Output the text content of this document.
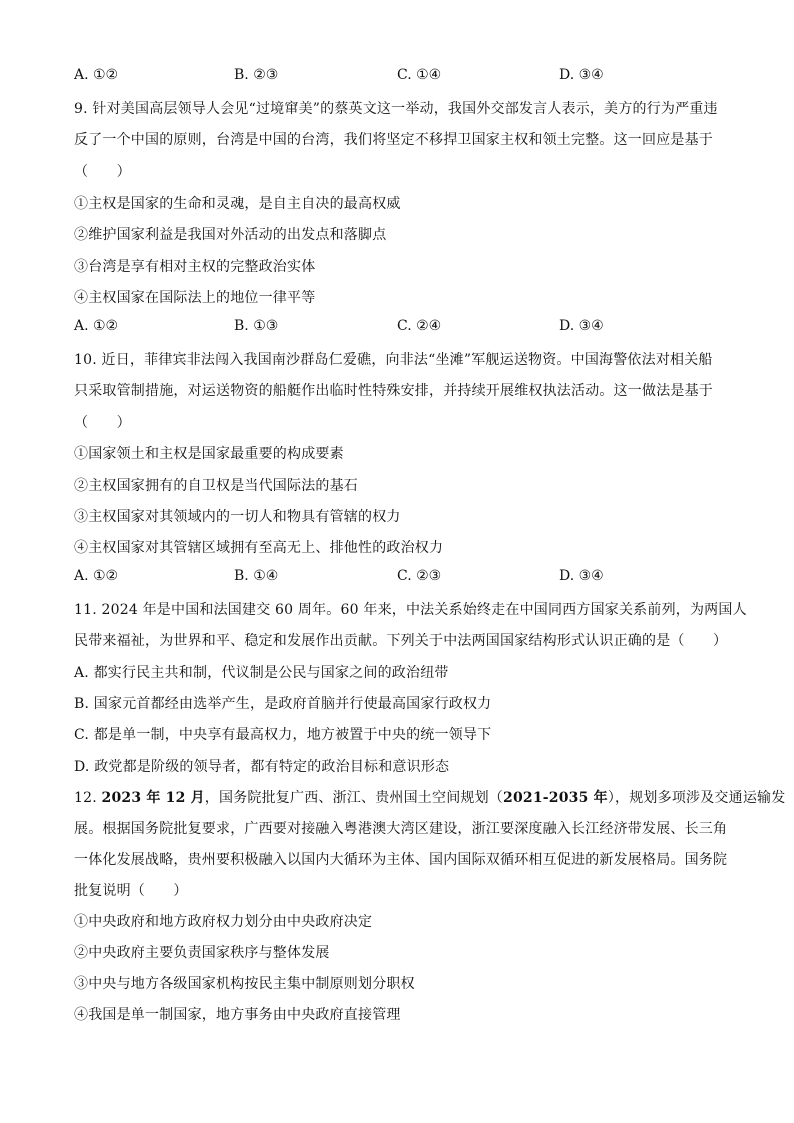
A. ①②	B. ②③	C. ①④	D. ③④
9. 针对美国高层领导人会见“过境窜美”的蔡英文这一举动，我国外交部发言人表示，美方的行为严重违
反了一个中国的原则，台湾是中国的台湾，我们将坚定不移捍卫国家主权和领土完整。这一回应是基于
（　　）
①主权是国家的生命和灵魂，是自主自决的最高权威
②维护国家利益是我国对外活动的出发点和落脚点
③台湾是享有相对主权的完整政治实体
④主权国家在国际法上的地位一律平等
A. ①②	B. ①③	C. ②④	D. ③④
10. 近日，菲律宾非法闯入我国南沙群岛仁爱礁，向非法“坐滩”军舰运送物资。中国海警依法对相关船
只采取管制措施，对运送物资的船艇作出临时性特殊安排，并持续开展维权执法活动。这一做法是基于
（　　）
①国家领土和主权是国家最重要的构成要素
②主权国家拥有的自卫权是当代国际法的基石
③主权国家对其领域内的一切人和物具有管辖的权力
④主权国家对其管辖区域拥有至高无上、排他性的政治权力
A. ①②	B. ①④	C. ②③	D. ③④
11. 2024 年是中国和法国建交 60 周年。60 年来，中法关系始终走在中国同西方国家关系前列，为两国人
民带来福祉，为世界和平、稳定和发展作出贡献。下列关于中法两国国家结构形式认识正确的是（　　）
A. 都实行民主共和制，代议制是公民与国家之间的政治纽带
B. 国家元首都经由选举产生，是政府首脑并行使最高国家行政权力
C. 都是单一制，中央享有最高权力，地方被置于中央的统一领导下
D. 政党都是阶级的领导者，都有特定的政治目标和意识形态
12. 2023 年 12 月，国务院批复广西、浙江、贵州国土空间规划（2021-2035 年），规划多项涉及交通运输发
展。根据国务院批复要求，广西要对接融入粤港澳大湾区建设，浙江要深度融入长江经济带发展、长三角
一体化发展战略，贵州要积极融入以国内大循环为主体、国内国际双循环相互促进的新发展格局。国务院
批复说明（　　）
①中央政府和地方政府权力划分由中央政府决定
②中央政府主要负责国家秩序与整体发展
③中央与地方各级国家机构按民主集中制原则划分职权
④我国是单一制国家，地方事务由中央政府直接管理
